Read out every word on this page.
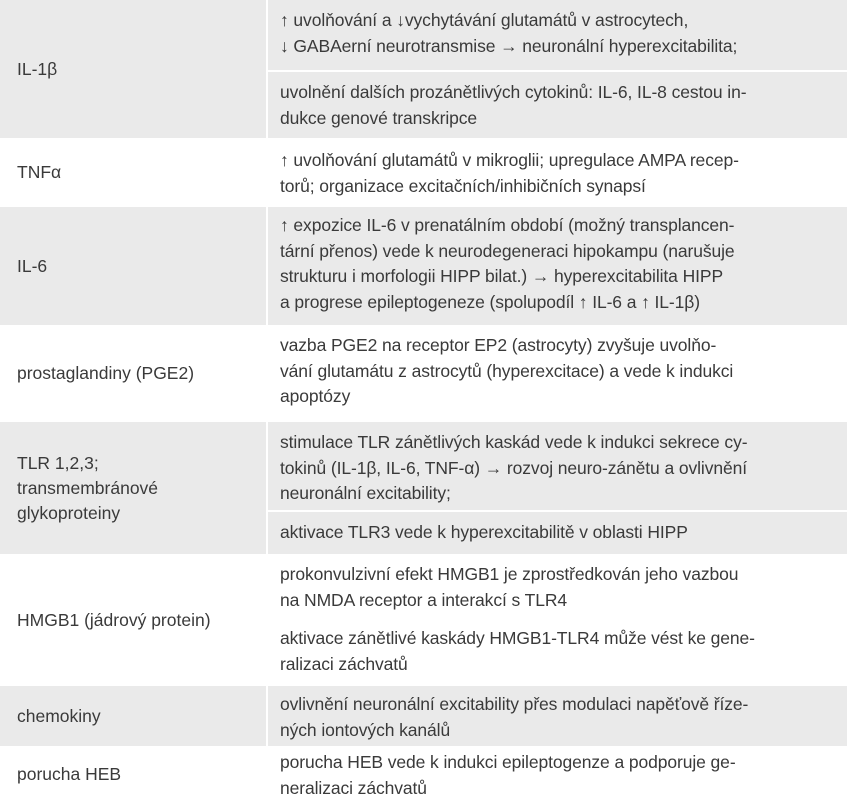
IL-1β
↑ uvolňování a ↓vychytávání glutamátů v astrocytech,
↓ GABAerní neurotransmise → neuronální hyperexcitabilita;
uvolnění dalších prozánětlivých cytokinů: IL-6, IL-8 cestou in-
dukce genové transkripce
TNFα
↑ uvolňování glutamátů v mikroglii; upregulace AMPA recep-
torů; organizace excitačních/inhibičních synapsí
IL-6
↑ expozice IL-6 v prenatálním období (možný transplancen-
tární přenos) vede k neurodegeneraci hipokampu (narušuje
strukturu i morfologii HIPP bilat.) → hyperexcitabilita HIPP
a progrese epileptogeneze (spolupodíl ↑ IL-6 a ↑ IL-1β)
prostaglandiny (PGE2)
vazba PGE2 na receptor EP2 (astrocyty) zvyšuje uvolňo-
vání glutamátu z astrocytů (hyperexcitace) a vede k indukci
apoptózy
TLR 1,2,3;
transmembránové
glykoproteiny
stimulace TLR zánětlivých kaskád vede k indukci sekrece cy-
tokinů (IL-1β, IL-6, TNF-α) → rozvoj neuro-zánětu a ovlivnění
neuronální excitability;
aktivace TLR3 vede k hyperexcitabilitě v oblasti HIPP
HMGB1 (jádrový protein)
prokonvulzivní efekt HMGB1 je zprostředkován jeho vazbou
na NMDA receptor a interakcí s TLR4
aktivace zánětlivé kaskády HMGB1-TLR4 může vést ke gene-
ralizaci záchvatů
chemokiny
ovlivnění neuronální excitability přes modulaci napěťově říze-
ných iontových kanálů
porucha HEB
porucha HEB vede k indukci epileptogenze a podporuje ge-
neralizaci záchvatů
